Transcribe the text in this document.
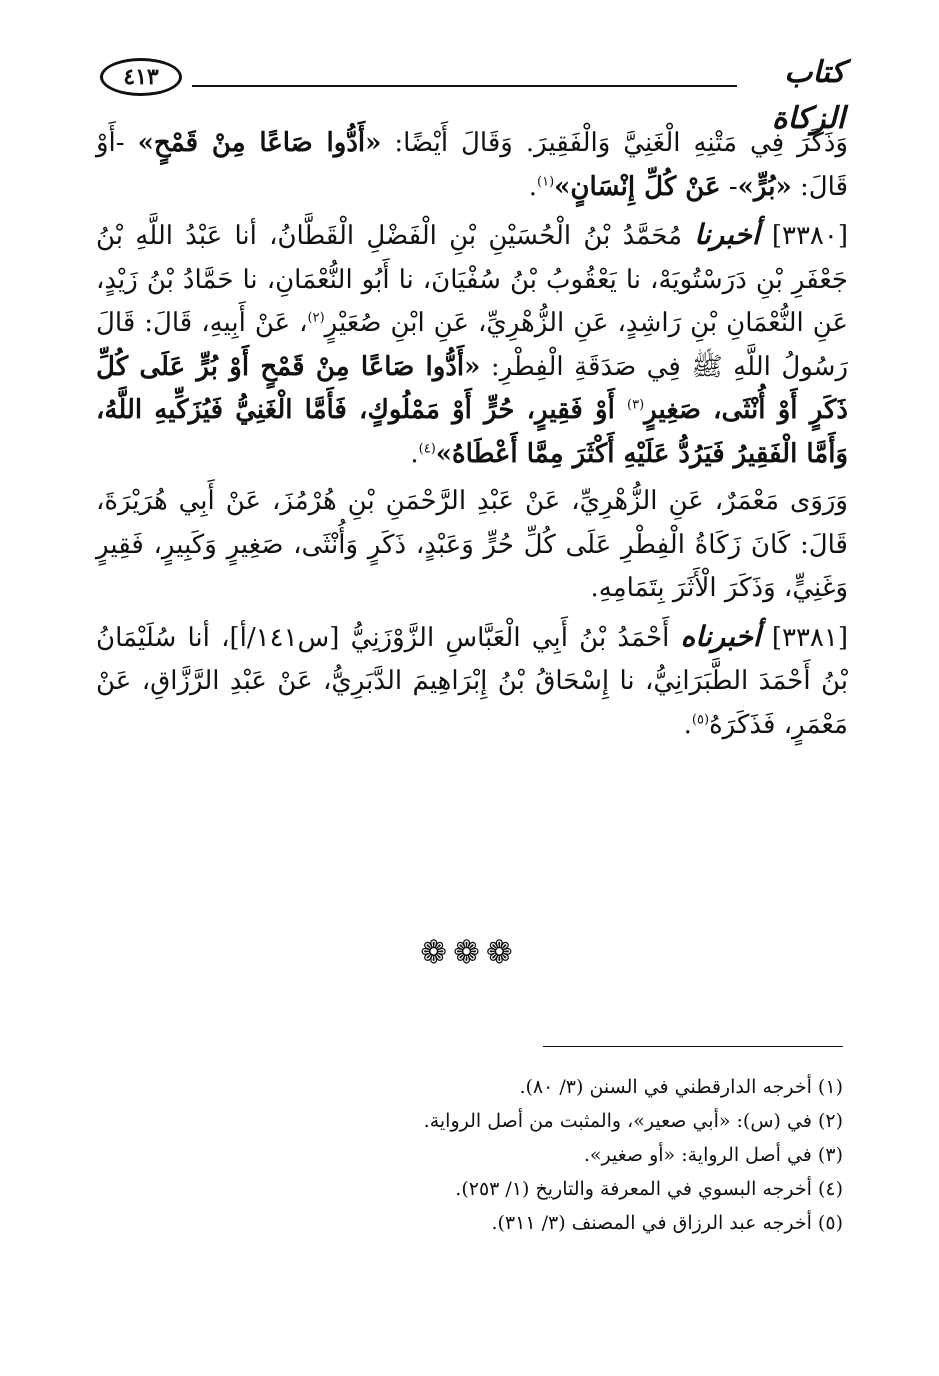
٤١٣	كتاب الزكاة

وَذَكَرَ فِي مَتْنِهِ الْغَنِيَّ وَالْفَقِيرَ. وَقَالَ أَيْضًا: «أَدُّوا صَاعًا مِنْ قَمْحٍ» -أَوْ قَالَ: «بُرٍّ»- عَنْ كُلِّ إِنْسَانٍ»$^{(١)}$.

[٣٣٨٠] أخبرنا مُحَمَّدُ بْنُ الْحُسَيْنِ بْنِ الْفَضْلِ الْقَطَّانُ، أنا عَبْدُ اللَّهِ بْنُ جَعْفَرِ بْنِ دَرَسْتُويَهْ، نا يَعْقُوبُ بْنُ سُفْيَانَ، نا أَبُو النُّعْمَانِ، نا حَمَّادُ بْنُ زَيْدٍ، عَنِ النُّعْمَانِ بْنِ رَاشِدٍ، عَنِ الزُّهْرِيِّ، عَنِ ابْنِ صُعَيْرٍ$^{(٢)}$، عَنْ أَبِيهِ، قَالَ: قَالَ رَسُولُ اللَّهِ ﷺ فِي صَدَقَةِ الْفِطْرِ: «أَدُّوا صَاعًا مِنْ قَمْحٍ أَوْ بُرٍّ عَلَى كُلِّ ذَكَرٍ أَوْ أُنْثَى، صَغِيرٍ$^{(٣)}$ أَوْ فَقِيرٍ، حُرٍّ أَوْ مَمْلُوكٍ، فَأَمَّا الْغَنِيُّ فَيُزَكِّيهِ اللَّهُ، وَأَمَّا الْفَقِيرُ فَيَرُدُّ عَلَيْهِ أَكْثَرَ مِمَّا أَعْطَاهُ»$^{(٤)}$.

وَرَوَى مَعْمَرٌ، عَنِ الزُّهْرِيِّ، عَنْ عَبْدِ الرَّحْمَنِ بْنِ هُرْمُزَ، عَنْ أَبِي هُرَيْرَةَ، قَالَ: كَانَ زَكَاةُ الْفِطْرِ عَلَى كُلِّ حُرٍّ وَعَبْدٍ، ذَكَرٍ وَأُنْثَى، صَغِيرٍ وَكَبِيرٍ، فَقِيرٍ وَغَنِيٍّ، وَذَكَرَ الْأَثَرَ بِتَمَامِهِ.

[٣٣٨١] أخبرناه أَحْمَدُ بْنُ أَبِي الْعَبَّاسِ الزَّوْزَنِيُّ [س١٤١/أ]، أنا سُلَيْمَانُ بْنُ أَحْمَدَ الطَّبَرَانِيُّ، نا إِسْحَاقُ بْنُ إِبْرَاهِيمَ الدَّبَرِيُّ، عَنْ عَبْدِ الرَّزَّاقِ، عَنْ مَعْمَرٍ، فَذَكَرَهُ$^{(٥)}$.

❁❁❁
(١) أخرجه الدارقطني في السنن (٣/ ٨٠).
(٢) في (س): «أبي صعير»، والمثبت من أصل الرواية.
(٣) في أصل الرواية: «أو صغير».
(٤) أخرجه البسوي في المعرفة والتاريخ (١/ ٢٥٣).
(٥) أخرجه عبد الرزاق في المصنف (٣/ ٣١١).
